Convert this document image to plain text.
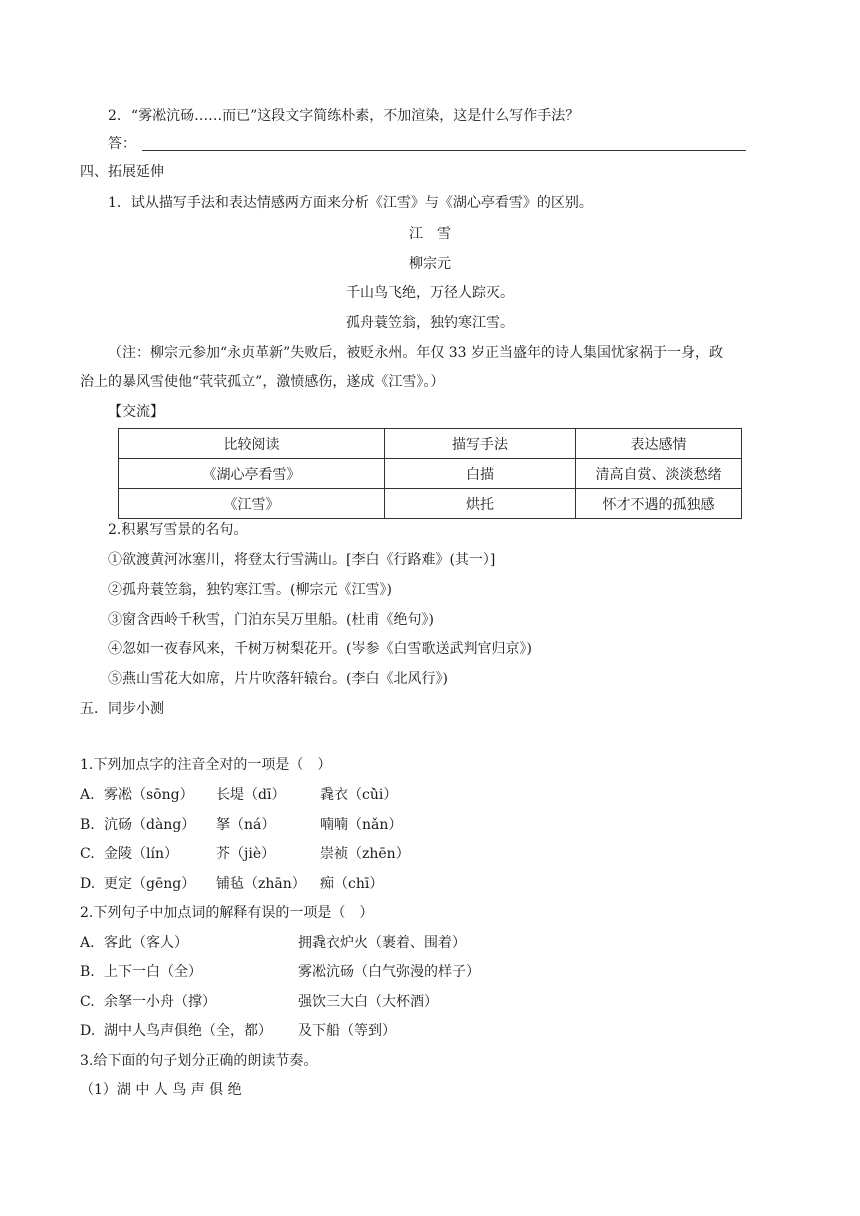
2．“雾凇沆砀……而已”这段文字简练朴素，不加渲染，这是什么写作手法？
答：
四、拓展延伸
1．试从描写手法和表达情感两方面来分析《江雪》与《湖心亭看雪》的区别。
江　雪
柳宗元
千山鸟飞绝，万径人踪灭。
孤舟蓑笠翁，独钓寒江雪。
（注：柳宗元参加“永贞革新”失败后，被贬永州。年仅 33 岁正当盛年的诗人集国忧家祸于一身，政
治上的暴风雪使他“茕茕孤立”，激愤感伤，遂成《江雪》。）
【交流】
比较阅读	描写手法	表达感情
《湖心亭看雪》	白描	清高自赏、淡淡愁绪
《江雪》	烘托	怀才不遇的孤独感
2.积累写雪景的名句。
①欲渡黄河冰塞川，将登太行雪满山。[李白《行路难》(其一）]
②孤舟蓑笠翁，独钓寒江雪。(柳宗元《江雪》)
③窗含西岭千秋雪，门泊东吴万里船。(杜甫《绝句》)
④忽如一夜春风来，千树万树梨花开。(岑参《白雪歌送武判官归京》)
⑤燕山雪花大如席，片片吹落轩辕台。(李白《北风行》)
五．同步小测
1.下列加点字的注音全对的一项是（　）
A. 雾凇（sōng） 长堤（dī） 毳衣（cù̀i）
B. 沆砀（dàng） 拏（ná）	喃喃（nǎn）
C. 金陵（lín）	芥（jiè）	崇祯（zhēn）
D. 更定（gēng） 铺毡（zhān） 痴（chī）
2.下列句子中加点词的解释有误的一项是（　）
A. 客此（客人）	拥毳衣炉火（裹着、围着）
B. 上下一白（全）	雾凇沆砀（白气弥漫的样子）
C. 余拏一小舟（撑）	强饮三大白（大杯酒）
D. 湖中人鸟声俱绝（全，都） 及下船（等到）
3.给下面的句子划分正确的朗读节奏。
（1）湖 中 人 鸟 声 俱 绝
